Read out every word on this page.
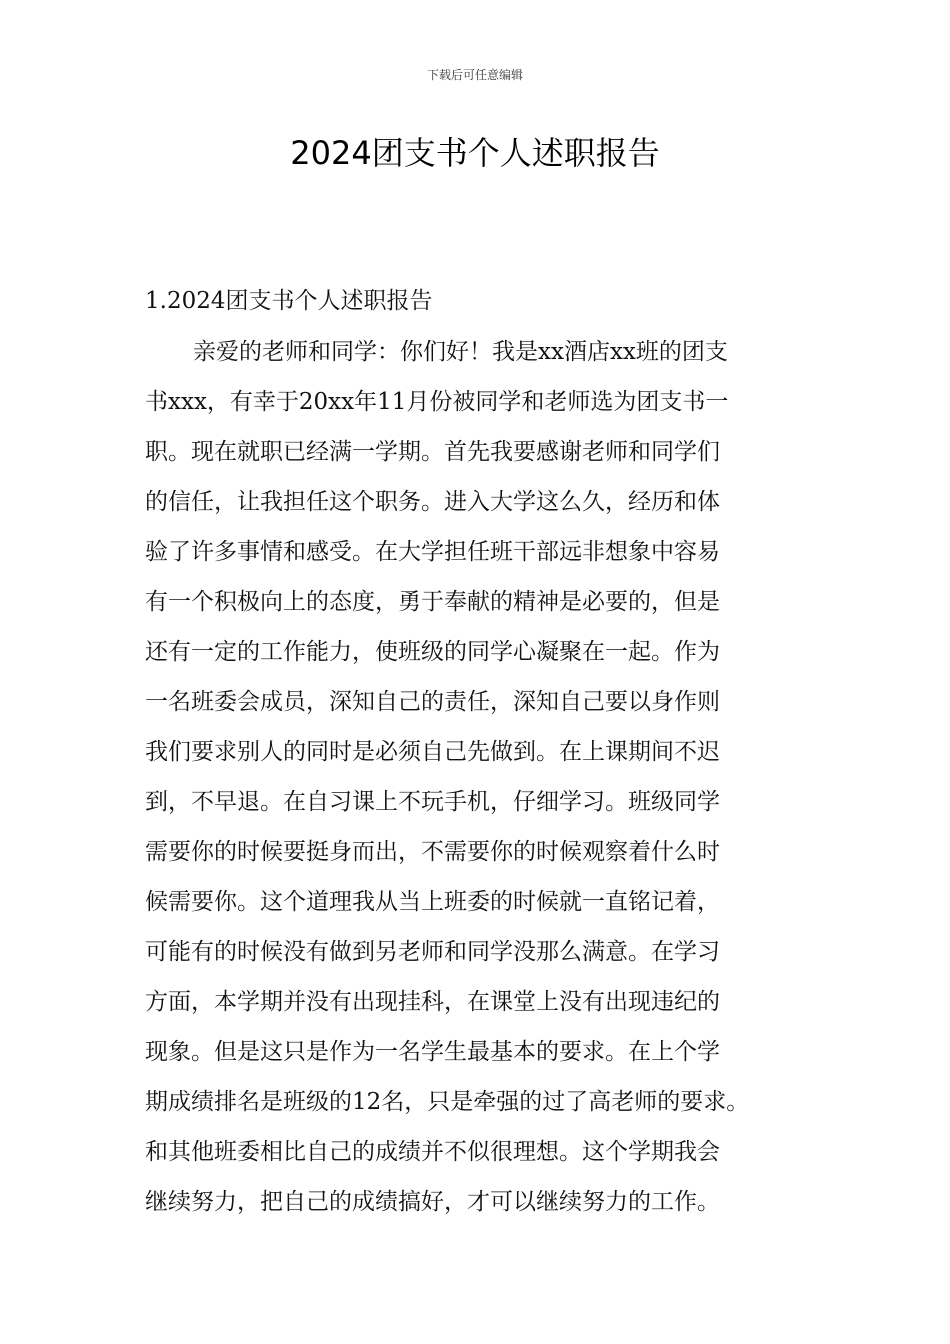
下载后可任意编辑
2024团支书个人述职报告
1.2024团支书个人述职报告
亲爱的老师和同学：你们好！我是xx酒店xx班的团支
书xxx，有幸于20xx年11月份被同学和老师选为团支书一
职。现在就职已经满一学期。首先我要感谢老师和同学们
的信任，让我担任这个职务。进入大学这么久，经历和体
验了许多事情和感受。在大学担任班干部远非想象中容易
有一个积极向上的态度，勇于奉献的精神是必要的，但是
还有一定的工作能力，使班级的同学心凝聚在一起。作为
一名班委会成员，深知自己的责任，深知自己要以身作则
我们要求别人的同时是必须自己先做到。在上课期间不迟
到，不早退。在自习课上不玩手机，仔细学习。班级同学
需要你的时候要挺身而出，不需要你的时候观察着什么时
候需要你。这个道理我从当上班委的时候就一直铭记着，
可能有的时候没有做到另老师和同学没那么满意。在学习
方面，本学期并没有出现挂科，在课堂上没有出现违纪的
现象。但是这只是作为一名学生最基本的要求。在上个学
期成绩排名是班级的12名，只是牵强的过了高老师的要求。
和其他班委相比自己的成绩并不似很理想。这个学期我会
继续努力，把自己的成绩搞好，才可以继续努力的工作。
